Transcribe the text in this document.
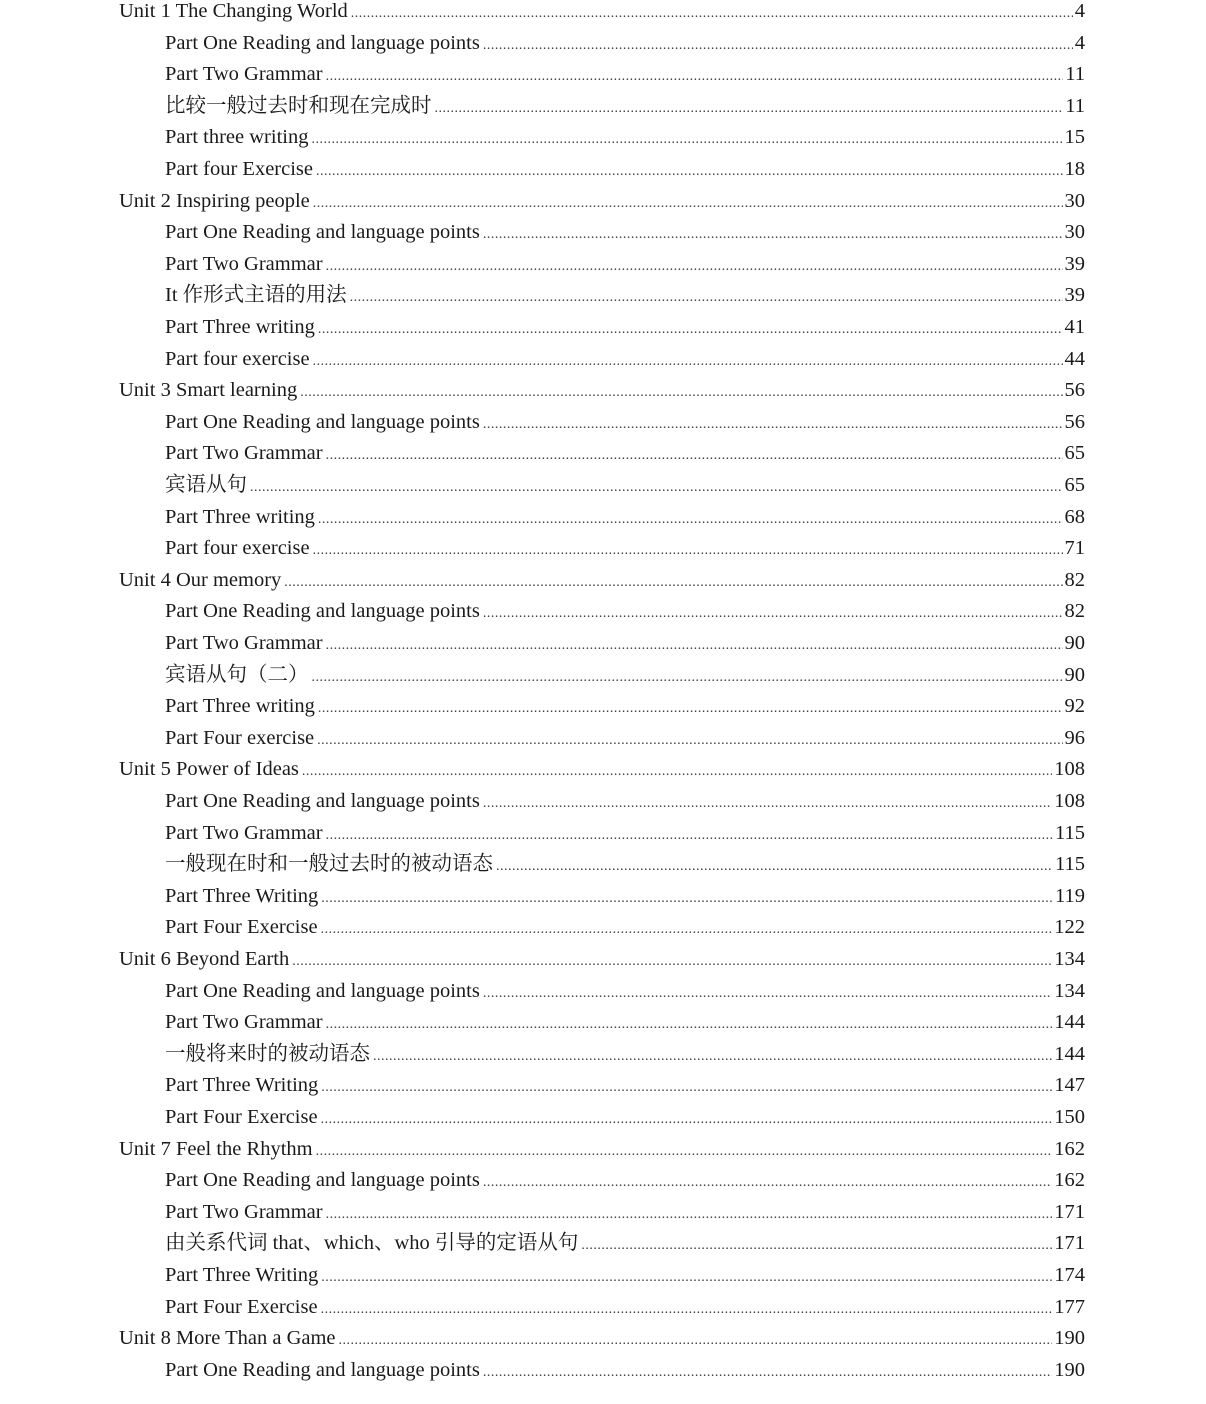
Unit 1 The Changing World .....	4
Part One Reading and language points .....	4
Part Two Grammar .....	11
比较一般过去时和现在完成时 .....	11
Part three writing .....	15
Part four Exercise .....	18
Unit 2 Inspiring people .....	30
Part One Reading and language points .....	30
Part Two Grammar .....	39
It 作形式主语的用法 .....	39
Part Three writing .....	41
Part four exercise .....	44
Unit 3 Smart learning .....	56
Part One Reading and language points .....	56
Part Two Grammar .....	65
宾语从句 .....	65
Part Three writing .....	68
Part four exercise .....	71
Unit 4 Our memory .....	82
Part One Reading and language points .....	82
Part Two Grammar .....	90
宾语从句（二） .....	90
Part Three writing .....	92
Part Four exercise .....	96
Unit 5 Power of Ideas .....	108
Part One Reading and language points .....	108
Part Two Grammar .....	115
一般现在时和一般过去时的被动语态 .....	115
Part Three Writing .....	119
Part Four Exercise .....	122
Unit 6 Beyond Earth .....	134
Part One Reading and language points .....	134
Part Two Grammar .....	144
一般将来时的被动语态 .....	144
Part Three Writing .....	147
Part Four Exercise .....	150
Unit 7 Feel the Rhythm .....	162
Part One Reading and language points .....	162
Part Two Grammar .....	171
由关系代词 that、which、who 引导的定语从句 .....	171
Part Three Writing .....	174
Part Four Exercise .....	177
Unit 8 More Than a Game .....	190
Part One Reading and language points .....	190
